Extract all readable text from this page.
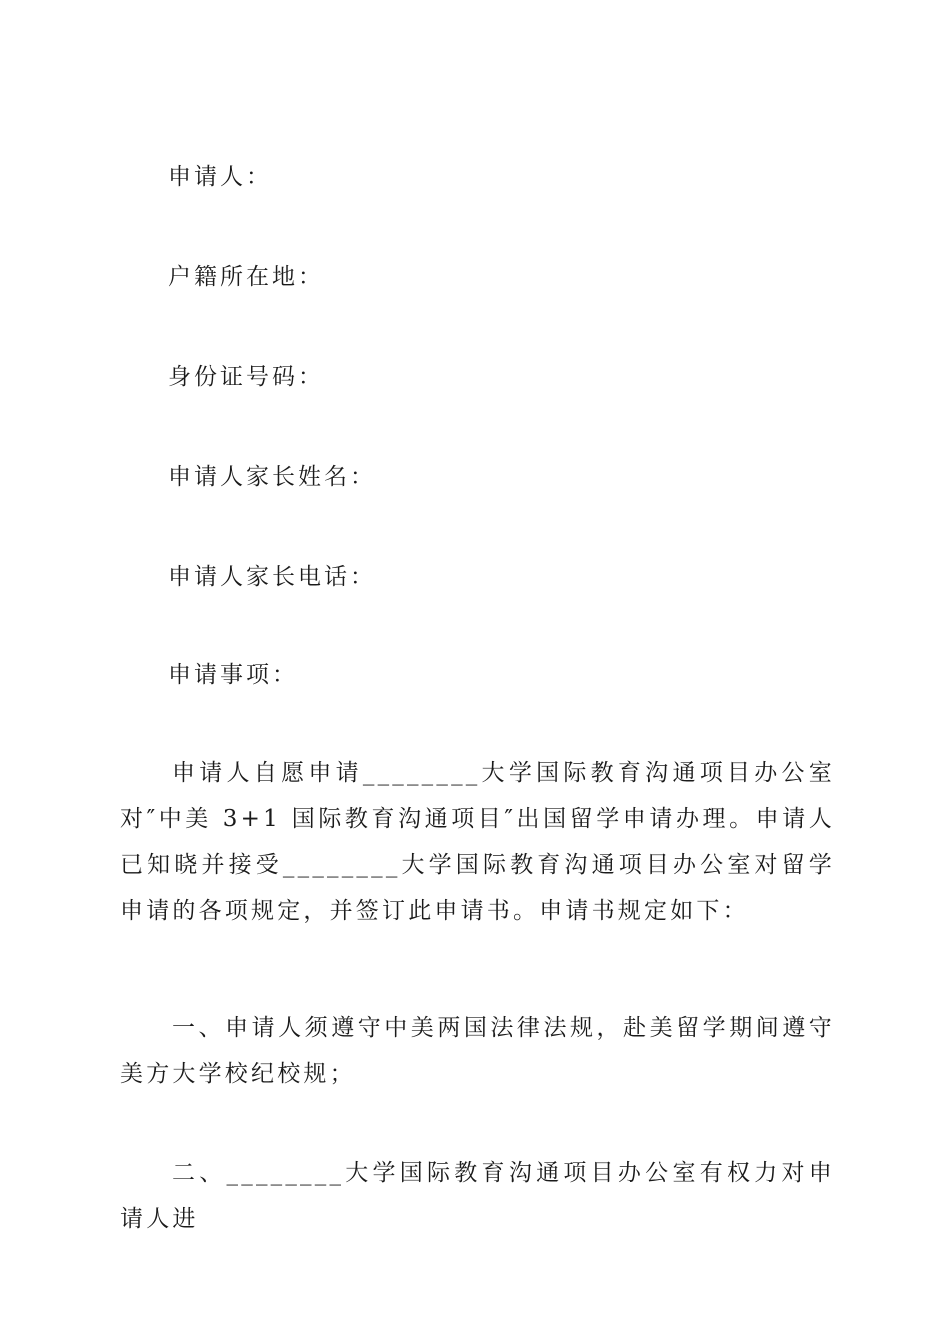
申请人：
户籍所在地：
身份证号码：
申请人家长姓名：
申请人家长电话：
申请事项：
申请人自愿申请________大学国际教育沟通项目办公室对″中美 3+1 国际教育沟通项目″出国留学申请办理。申请人已知晓并接受________大学国际教育沟通项目办公室对留学申请的各项规定，并签订此申请书。申请书规定如下：
一、申请人须遵守中美两国法律法规，赴美留学期间遵守美方大学校纪校规；
二、________大学国际教育沟通项目办公室有权力对申请人进
